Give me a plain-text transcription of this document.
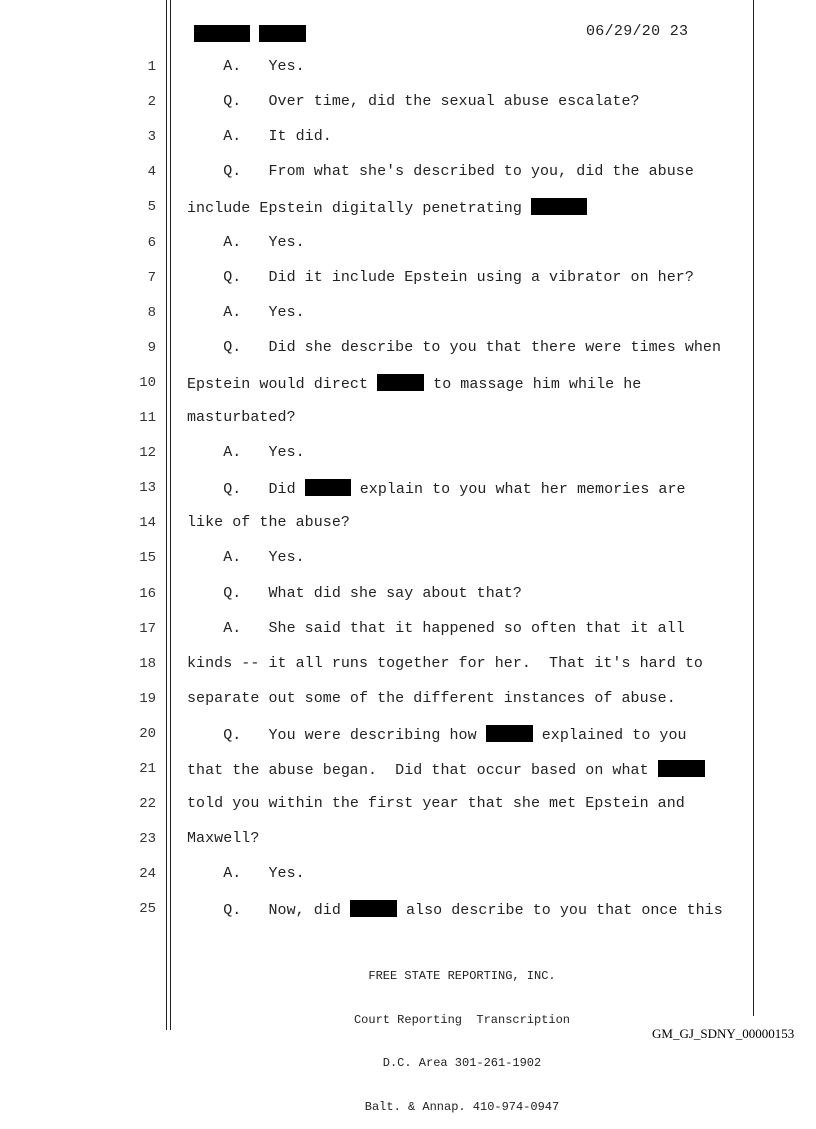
06/29/20 23
1 A.   Yes.
2 Q.   Over time, did the sexual abuse escalate?
3 A.   It did.
4 Q.   From what she's described to you, did the abuse
5 include Epstein digitally penetrating
6 A.   Yes.
7 Q.   Did it include Epstein using a vibrator on her?
8 A.   Yes.
9 Q.   Did she describe to you that there were times when
10 Epstein would direct	to massage him while he
11 masturbated?
12 A.   Yes.
13 Q.   Did	explain to you what her memories are
14 like of the abuse?
15 A.   Yes.
16 Q.   What did she say about that?
17 A.   She said that it happened so often that it all
18 kinds -- it all runs together for her.  That it's hard to
19 separate out some of the different instances of abuse.
20 Q.   You were describing how	explained to you
21 that the abuse began.  Did that occur based on what
22 told you within the first year that she met Epstein and
23 Maxwell?
24 A.   Yes.
25 Q.   Now, did	also describe to you that once this

FREE STATE REPORTING, INC.

Court Reporting  Transcription

D.C. Area 301-261-1902

Balt. & Annap. 410-974-0947

GM_GJ_SDNY_00000153
